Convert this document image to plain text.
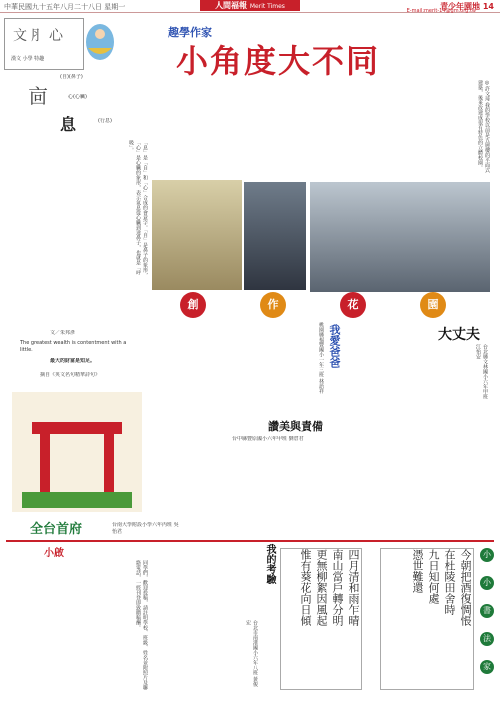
中華民國九十五年八月二十八日 星期一	人間福報 Merit Times	青少年園地 14
E-mail:merit-14@gm.org.tw
文⺼心
漢文 小學 特趣
趣學作家
小角度大不同
(自)(鼻子)
心(心臟)
㐭
息	(行息)
「息」是「自」和「心」合成的會意字。「自」是鼻子的象形，「心」是心臟的象形，表示氣息從心臟到達鼻子，也就是「呼吸」。
◎許文琦 我的學校以前是五層樓的平面式建築，後來改建成很有特色的立體校園。
創	作	花	園
文／朱邦彥
The greatest wealth is contentment with a little.
最大的財富是知足。
摘自《英文名句精華詩句》
全台首府	台南大學附設小學六年丙班 吳怡君
我愛爸爸
桃園縣福豐國小一年三班 林語祥	大丈夫
台北縣文林國小六年甲班 江怡安
讚美與責備
台中縣豐原國小六年甲班 劉倉君
小啟
同學們，歡迎投稿，請註明學校、班級、姓名並附照片及聯絡電話，一經刊登即致贈稿酬。	我的考驗
台北市南港國小六年八班 黃俊宏	四月清和雨乍晴
南山當戶轉分明
更無柳絮因風起
惟有葵花向日傾	今朝把酒復惆悵
在杜陵田舍時
九日知何處
憑世難還	小
小
書
法
家
